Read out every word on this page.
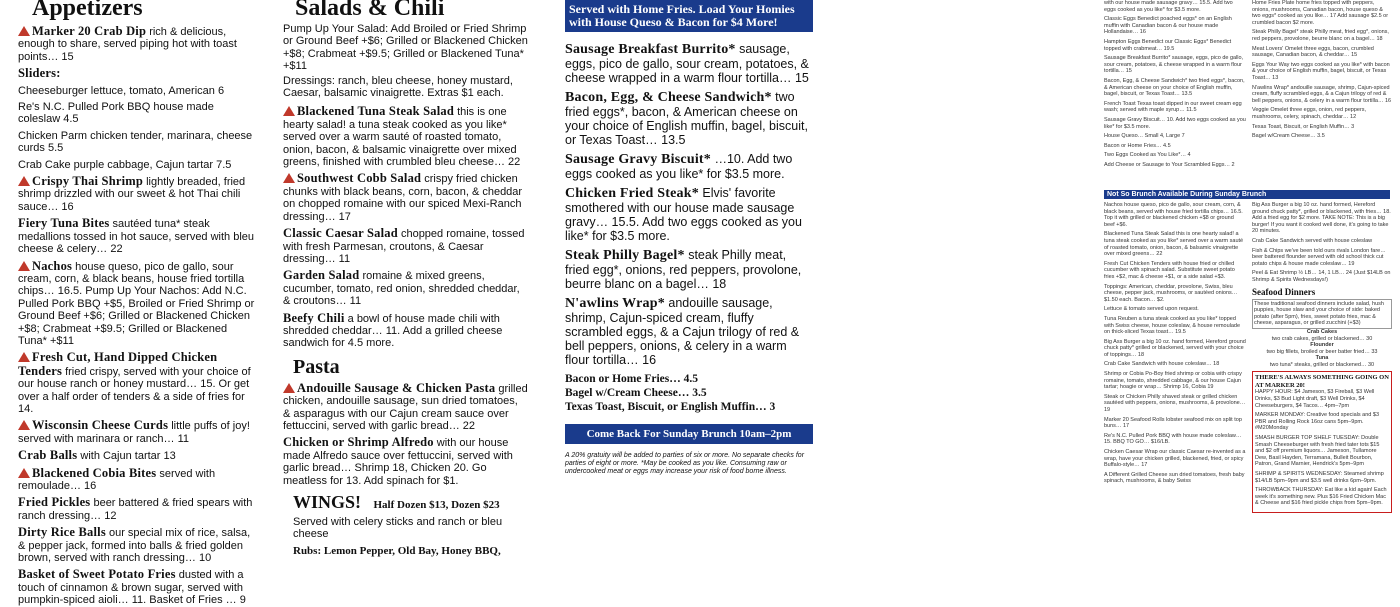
Appetizers
Marker 20 Crab Dip rich & delicious, enough to share, served piping hot with toast points… 15
Sliders:
Cheeseburger lettuce, tomato, American 6
Re's N.C. Pulled Pork BBQ house made coleslaw 4.5
Chicken Parm chicken tender, marinara, cheese curds 5.5
Crab Cake purple cabbage, Cajun tartar 7.5
Crispy Thai Shrimp lightly breaded, fried shrimp drizzled with our sweet & hot Thai chili sauce… 16
Fiery Tuna Bites sautéed tuna* steak medallions tossed in hot sauce, served with bleu cheese & celery… 22
Nachos house queso, pico de gallo, sour cream, corn, & black beans, house fried tortilla chips… 16.5. Pump Up Your Nachos: Add N.C. Pulled Pork BBQ +$5, Broiled or Fried Shrimp or Ground Beef +$6; Grilled or Blackened Chicken +$8; Crabmeat +$9.5; Grilled or Blackened Tuna* +$11
Fresh Cut, Hand Dipped Chicken Tenders fried crispy, served with your choice of our house ranch or honey mustard… 15. Or get over a half order of tenders & a side of fries for 14.
Wisconsin Cheese Curds little puffs of joy! served with marinara or ranch… 11
Crab Balls with Cajun tartar 13
Blackened Cobia Bites served with remoulade… 16
Fried Pickles beer battered & fried spears with ranch dressing… 12
Dirty Rice Balls our special mix of rice, salsa, & pepper jack, formed into balls & fried golden brown, served with ranch dressing… 10
Basket of Sweet Potato Fries dusted with a touch of cinnamon & brown sugar, served with pumpkin-spiced aioli… 11. Basket of Fries … 9
Salads & Chili
Pump Up Your Salad: Add Broiled or Fried Shrimp or Ground Beef +$6; Grilled or Blackened Chicken +$8; Crabmeat +$9.5; Grilled or Blackened Tuna* +$11
Dressings: ranch, bleu cheese, honey mustard, Caesar, balsamic vinaigrette. Extras $1 each.
Blackened Tuna Steak Salad this is one hearty salad! a tuna steak cooked as you like* served over a warm sauté of roasted tomato, onion, bacon, & balsamic vinaigrette over mixed greens, finished with crumbled bleu cheese… 22
Southwest Cobb Salad crispy fried chicken chunks with black beans, corn, bacon, & cheddar on chopped romaine with our spiced Mexi-Ranch dressing… 17
Classic Caesar Salad chopped romaine, tossed with fresh Parmesan, croutons, & Caesar dressing… 11
Garden Salad romaine & mixed greens, cucumber, tomato, red onion, shredded cheddar, & croutons… 11
Beefy Chili a bowl of house made chili with shredded cheddar… 11. Add a grilled cheese sandwich for 4.5 more.
Pasta
Andouille Sausage & Chicken Pasta grilled chicken, andouille sausage, sun dried tomatoes, & asparagus with our Cajun cream sauce over fettuccini, served with garlic bread… 22
Chicken or Shrimp Alfredo with our house made Alfredo sauce over fettuccini, served with garlic bread… Shrimp 18, Chicken 20. Go meatless for 13. Add spinach for $1.
WINGS! Half Dozen $13, Dozen $23
Served with celery sticks and ranch or bleu cheese
Rubs: Lemon Pepper, Old Bay, Honey BBQ,
Served with Home Fries. Load Your Homies with House Queso & Bacon for $4 More!
Sausage Breakfast Burrito* sausage, eggs, pico de gallo, sour cream, potatoes, & cheese wrapped in a warm flour tortilla… 15
Bacon, Egg, & Cheese Sandwich* two fried eggs*, bacon, & American cheese on your choice of English muffin, bagel, biscuit, or Texas Toast… 13.5
Sausage Gravy Biscuit* …10. Add two eggs cooked as you like* for $3.5 more.
Chicken Fried Steak* Elvis' favorite smothered with our house made sausage gravy… 15.5. Add two eggs cooked as you like* for $3.5 more.
Steak Philly Bagel* steak Philly meat, fried egg*, onions, red peppers, provolone, beurre blanc on a bagel… 18
N'awlins Wrap* andouille sausage, shrimp, Cajun-spiced cream, fluffy scrambled eggs, & a Cajun trilogy of red & bell peppers, onions, & celery in a warm flour tortilla… 16
Bacon or Home Fries… 4.5
Bagel w/Cream Cheese… 3.5
Texas Toast, Biscuit, or English Muffin… 3
Come Back For Sunday Brunch 10am–2pm
A 20% gratuity will be added to parties of six or more. No separate checks for parties of eight or more. *May be cooked as you like. Consuming raw or undercooked meat or eggs may increase your risk of food borne illness.
with our house made sausage gravy… 15.5. Add two eggs cooked as you like* for $3.5 more.
Classic Eggs Benedict poached eggs* on an English muffin with Canadian bacon & our house made Hollandaise… 16
Hampton Eggs Benedict our Classic Eggs* Benedict topped with crabmeat… 19.5
Sausage Breakfast Burrito* sausage, eggs, pico de gallo, sour cream, potatoes, & cheese wrapped in a warm flour tortilla… 15
Bacon, Egg, & Cheese Sandwich* two fried eggs*, bacon, & American cheese on your choice of English muffin, bagel, biscuit, or Texas Toast… 13.5
French Toast Texas toast dipped in our sweet cream egg wash; served with maple syrup… 11.5
Sausage Gravy Biscuit… 10. Add two eggs cooked as you like* for $3.5 more.
House Queso… Small 4, Large 7
Bacon or Home Fries… 4.5
Two Eggs Cooked as You Like*… 4
Add Cheese or Sausage to Your Scrambled Eggs… 2
Home Fries Plate home fries topped with peppers, onions, mushrooms, Canadian bacon, house queso & two eggs* cooked as you like… 17 Add sausage $2.5 or crumbled bacon $2 more.
Steak Philly Bagel* steak Philly meat, fried egg*, onions, red peppers, provolone, beurre blanc on a bagel… 18
Meat Lovers' Omelet three eggs, bacon, crumbled sausage, Canadian bacon, & cheddar… 15
Eggs Your Way two eggs cooked as you like* with bacon & your choice of English muffin, bagel, biscuit, or Texas Toast… 13
N'awlins Wrap* andouille sausage, shrimp, Cajun-spiced cream, fluffy scrambled eggs, & a Cajun trilogy of red & bell peppers, onions, & celery in a warm flour tortilla… 16
Veggie Omelet three eggs, onion, red peppers, mushrooms, celery, spinach, cheddar… 12
Texas Toast, Biscuit, or English Muffin… 3
Bagel w/Cream Cheese… 3.5
Not So Brunch Available During Sunday Brunch
Nachos house queso, pico de gallo, sour cream, corn, & black beans, served with house fried tortilla chips… 16.5. Top it with grilled or blackened chicken +$8 or ground beef +$6.
Blackened Tuna Steak Salad this is one hearty salad! a tuna steak cooked as you like* served over a warm sauté of roasted tomato, onion, bacon, & balsamic vinaigrette over mixed greens… 22
Fresh Cut Chicken Tenders with house fried or chilled cucumber with spinach salad. Substitute sweet potato fries +$2, mac & cheese +$1, or a side salad +$3.
Toppings: American, cheddar, provolone, Swiss, bleu cheese, pepper jack, mushrooms, or sautéed onions… $1.50 each. Bacon… $2.
Lettuce & tomato served upon request.
Tuna Reuben a tuna steak cooked as you like* topped with Swiss cheese, house coleslaw, & house remoulade on thick-sliced Texas toast… 19.5
Big Ass Burger a big 10 oz. hand formed, Hereford ground chuck patty* grilled or blackened, served with your choice of toppings… 18
Crab Cake Sandwich with house coleslaw… 18
Shrimp or Cobia Po-Boy fried shrimp or cobia with crispy romaine, tomato, shredded cabbage, & our house Cajun tartar; hoagie or wrap… Shrimp 16, Cobia 19
Steak or Chicken Philly shaved steak or grilled chicken sautéed with peppers, onions, mushrooms, & provolone… 19
Marker 20 Seafood Rolls lobster seafood mix on split top buns… 17
Re's N.C. Pulled Pork BBQ with house made coleslaw… 15. BBQ TO GO… $16/LB.
Chicken Caesar Wrap our classic Caesar re-invented as a wrap, have your chicken grilled, blackened, fried, or spicy Buffalo-style… 17
A Different Grilled Cheese sun dried tomatoes, fresh baby spinach, mushrooms, & baby Swiss
Big Ass Burger a big 10 oz. hand formed, Hereford ground chuck patty*, grilled or blackened, with fries… 18. Add a fried egg for $2 more. TAKE NOTE: This is a big burger! If you want it cooked well done, it's going to take 20 minutes.
Crab Cake Sandwich served with house coleslaw
Fish & Chips we've been told ours rivals London fare… beer battered flounder served with old school thick cut potato chips & house made coleslaw… 19
Peel & Eat Shrimp ½ LB… 14, 1 LB… 24 (Just $14LB on Shrimp & Spirits Wednesdays!)
Seafood Dinners
These traditional seafood dinners include salad, hush puppies, house slaw and your choice of side: baked potato (after 5pm), fries, sweet potato fries, mac & cheese, asparagus, or grilled zucchini (+$3)
Crab Cakes
two crab cakes, grilled or blackened… 30
Flounder
two big fillets, broiled or beer batter fried… 33
Tuna
two tuna* steaks, grilled or blackened… 30
THERE'S ALWAYS SOMETHING GOING ON AT MARKER 20!
HAPPY HOUR: $4 Jameson, $3 Fireball, $3 Well Drinks, $3 Bud Light draft, $3 Well Drinks, $4 Cheeseburgers, $4 Tacos… 4pm–7pm
MARKER MONDAY: Creative food specials and $3 PBR and Rolling Rock 16oz cans 5pm–9pm. #M20Monday
SMASH BURGER TOP SHELF TUESDAY: Double Smash Cheeseburger with fresh fried tater tots $15 and $2 off premium liquors… Jameson, Tullamore Dew, Basil Hayden, Terramana, Bulleit Bourbon, Patron, Grand Marnier, Hendrick's 5pm–9pm
SHRIMP & SPIRITS WEDNESDAY: Steamed shrimp $14/LB 5pm–9pm and $3.5 well drinks 6pm–9pm.
THROWBACK THURSDAY: Eat like a kid again! Each week it's something new. Plus $16 Fried Chicken Mac & Cheese and $16 fried pickle chips from 5pm–9pm.
